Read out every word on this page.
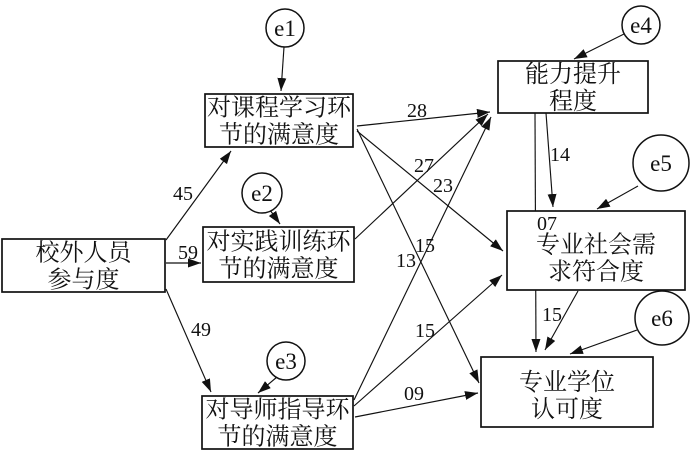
校外人员
参与度
对课程学习环
节的满意度
对实践训练环
节的满意度
对导师指导环
节的满意度
能力提升
程度
专业社会需
求符合度
专业学位
认可度
e1
e2
e3
e4
e5
e6
45
59
49
28
27
23
15
13
15
09
14
07
15
